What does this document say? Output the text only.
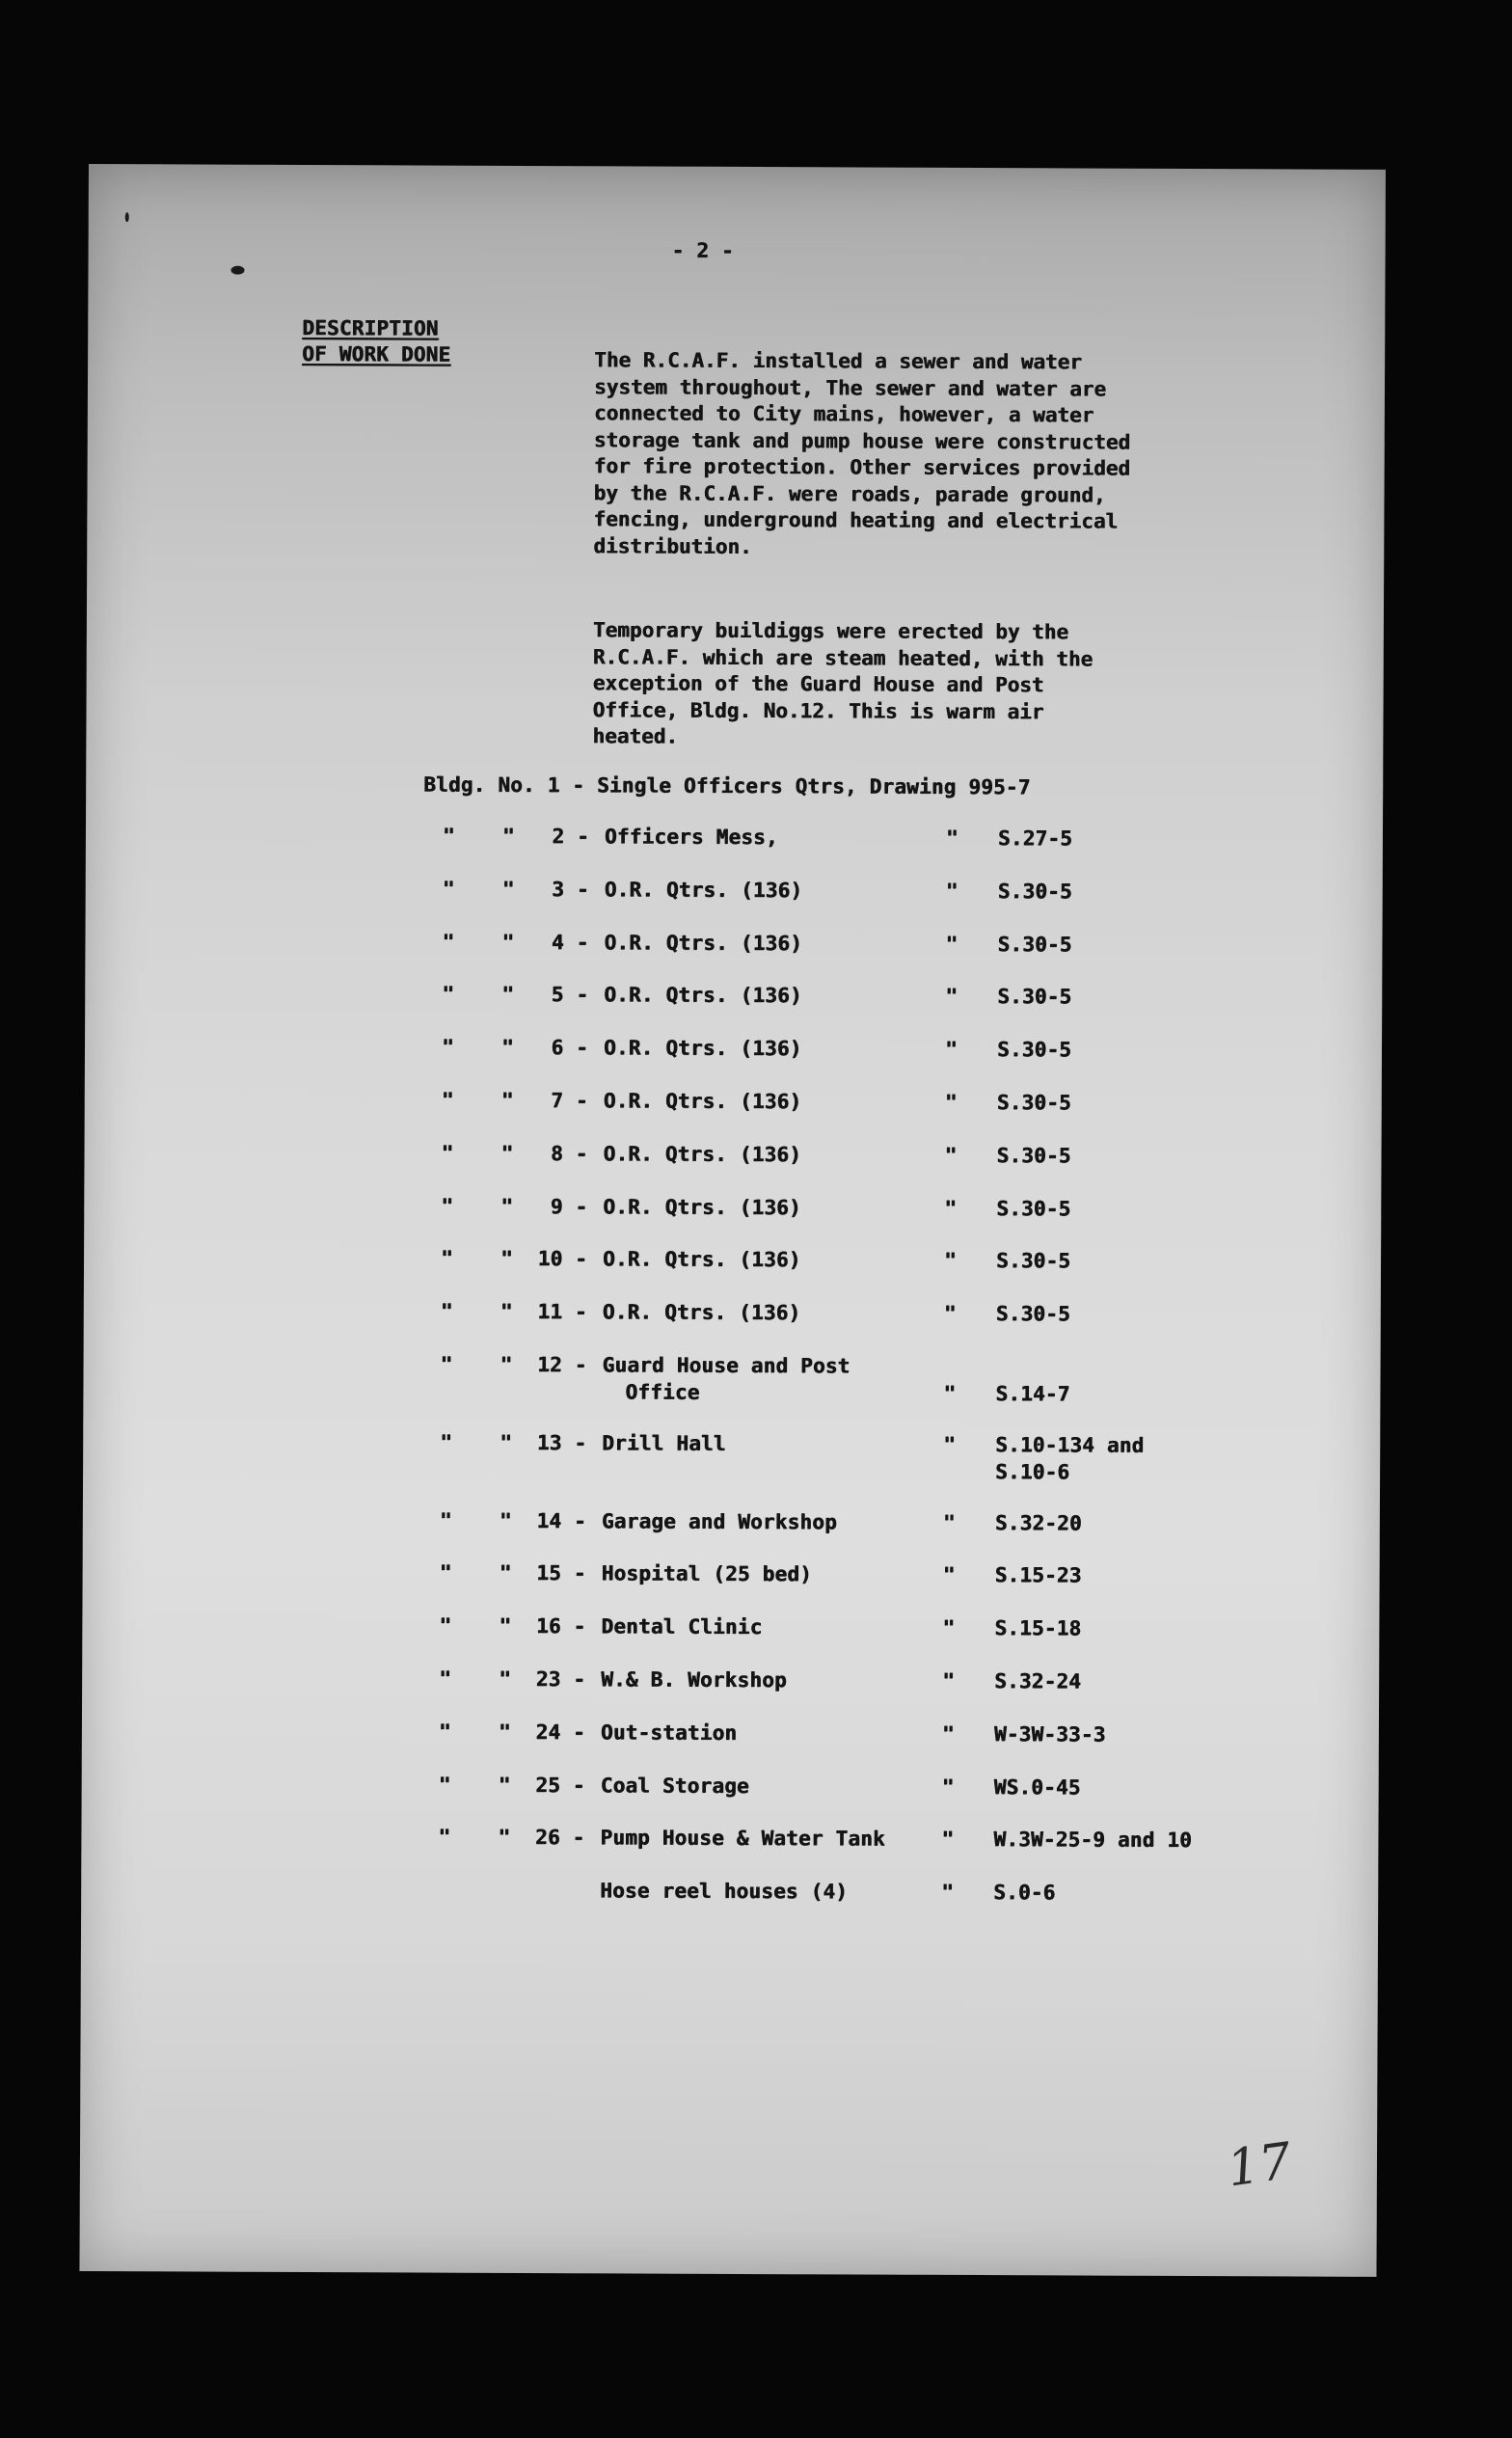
- 2 -
DESCRIPTION
OF WORK DONE	The R.C.A.F. installed a sewer and water system throughout, The sewer and water are connected to City mains, however, a water storage tank and pump house were constructed for fire protection. Other services provided by the R.C.A.F. were roads, parade ground, fencing, underground heating and electrical distribution.
Temporary buildiggs were erected by the R.C.A.F. which are steam heated, with the exception of the Guard House and Post Office, Bldg. No.12. This is warm air heated.
Bldg. No. 1 - Single Officers Qtrs, Drawing 995-7
" "	2 - Officers Mess,	" S.27-5
" "	3 - O.R. Qtrs. (136)	" S.30-5
" "	4 - O.R. Qtrs. (136)	" S.30-5
" "	5 - O.R. Qtrs. (136)	" S.30-5
" "	6 - O.R. Qtrs. (136)	" S.30-5
" "	7 - O.R. Qtrs. (136)	" S.30-5
" "	8 - O.R. Qtrs. (136)	" S.30-5
" "	9 - O.R. Qtrs. (136)	" S.30-5
" "	10 - O.R. Qtrs. (136)	" S.30-5
" "	11 - O.R. Qtrs. (136)	" S.30-5
" "	12 - Guard House and Post
Office	" S.14-7
" "	13 - Drill Hall	" S.10-134 and
S.10-6
" "	14 - Garage and Workshop	" S.32-20
" "	15 - Hospital (25 bed)	" S.15-23
" "	16 - Dental Clinic	" S.15-18
" "	23 - W.& B. Workshop	" S.32-24
" "	24 - Out-station	" W-3W-33-3
" "	25 - Coal Storage	" WS.0-45
" "	26 - Pump House & Water Tank	" W.3W-25-9 and 10
Hose reel houses (4)	" S.0-6
17
